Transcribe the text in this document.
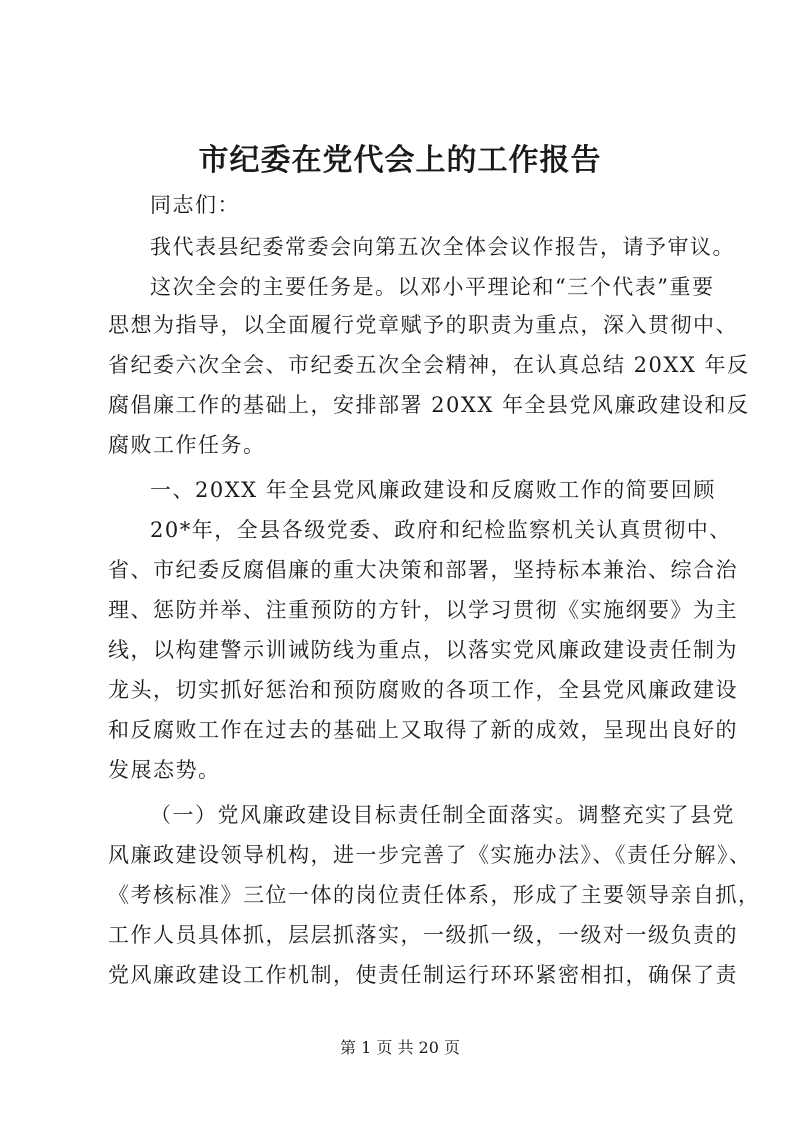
市纪委在党代会上的工作报告
同志们：
我代表县纪委常委会向第五次全体会议作报告，请予审议。
这次全会的主要任务是。以邓小平理论和“三个代表”重要
思想为指导，以全面履行党章赋予的职责为重点，深入贯彻中、
省纪委六次全会、市纪委五次全会精神，在认真总结 20XX 年反
腐倡廉工作的基础上，安排部署 20XX 年全县党风廉政建设和反
腐败工作任务。
一、20XX 年全县党风廉政建设和反腐败工作的简要回顾
20*年，全县各级党委、政府和纪检监察机关认真贯彻中、
省、市纪委反腐倡廉的重大决策和部署，坚持标本兼治、综合治
理、惩防并举、注重预防的方针，以学习贯彻《实施纲要》为主
线，以构建警示训诫防线为重点，以落实党风廉政建设责任制为
龙头，切实抓好惩治和预防腐败的各项工作，全县党风廉政建设
和反腐败工作在过去的基础上又取得了新的成效，呈现出良好的
发展态势。
（一）党风廉政建设目标责任制全面落实。调整充实了县党
风廉政建设领导机构，进一步完善了《实施办法》、《责任分解》、
《考核标准》三位一体的岗位责任体系，形成了主要领导亲自抓，
工作人员具体抓，层层抓落实，一级抓一级，一级对一级负责的
党风廉政建设工作机制，使责任制运行环环紧密相扣，确保了责
第 1 页 共 20 页
